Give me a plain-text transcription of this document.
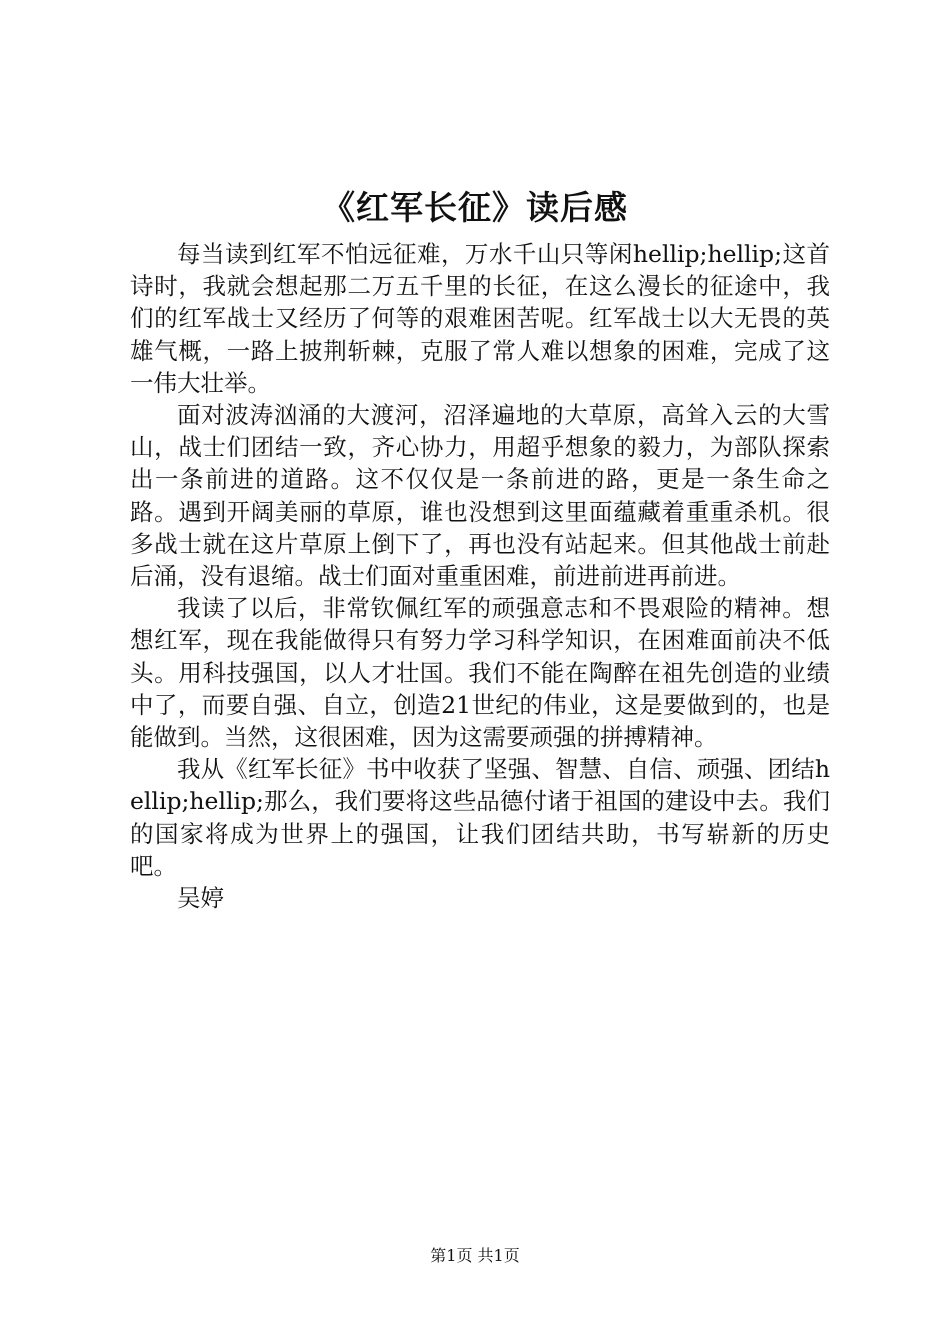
《红军长征》读后感

每当读到红军不怕远征难，万水千山只等闲hellip;hellip;这首诗时，我就会想起那二万五千里的长征，在这么漫长的征途中，我们的红军战士又经历了何等的艰难困苦呢。红军战士以大无畏的英雄气概，一路上披荆斩棘，克服了常人难以想象的困难，完成了这一伟大壮举。

面对波涛汹涌的大渡河，沼泽遍地的大草原，高耸入云的大雪山，战士们团结一致，齐心协力，用超乎想象的毅力，为部队探索出一条前进的道路。这不仅仅是一条前进的路，更是一条生命之路。遇到开阔美丽的草原，谁也没想到这里面蕴藏着重重杀机。很多战士就在这片草原上倒下了，再也没有站起来。但其他战士前赴后涌，没有退缩。战士们面对重重困难，前进前进再前进。

我读了以后，非常钦佩红军的顽强意志和不畏艰险的精神。想想红军，现在我能做得只有努力学习科学知识，在困难面前决不低头。用科技强国，以人才壮国。我们不能在陶醉在祖先创造的业绩中了，而要自强、自立，创造21世纪的伟业，这是要做到的，也是能做到。当然，这很困难，因为这需要顽强的拼搏精神。

我从《红军长征》书中收获了坚强、智慧、自信、顽强、团结hellip;hellip;那么，我们要将这些品德付诸于祖国的建设中去。我们的国家将成为世界上的强国，让我们团结共助，书写崭新的历史吧。

吴婷

第1页 共1页
